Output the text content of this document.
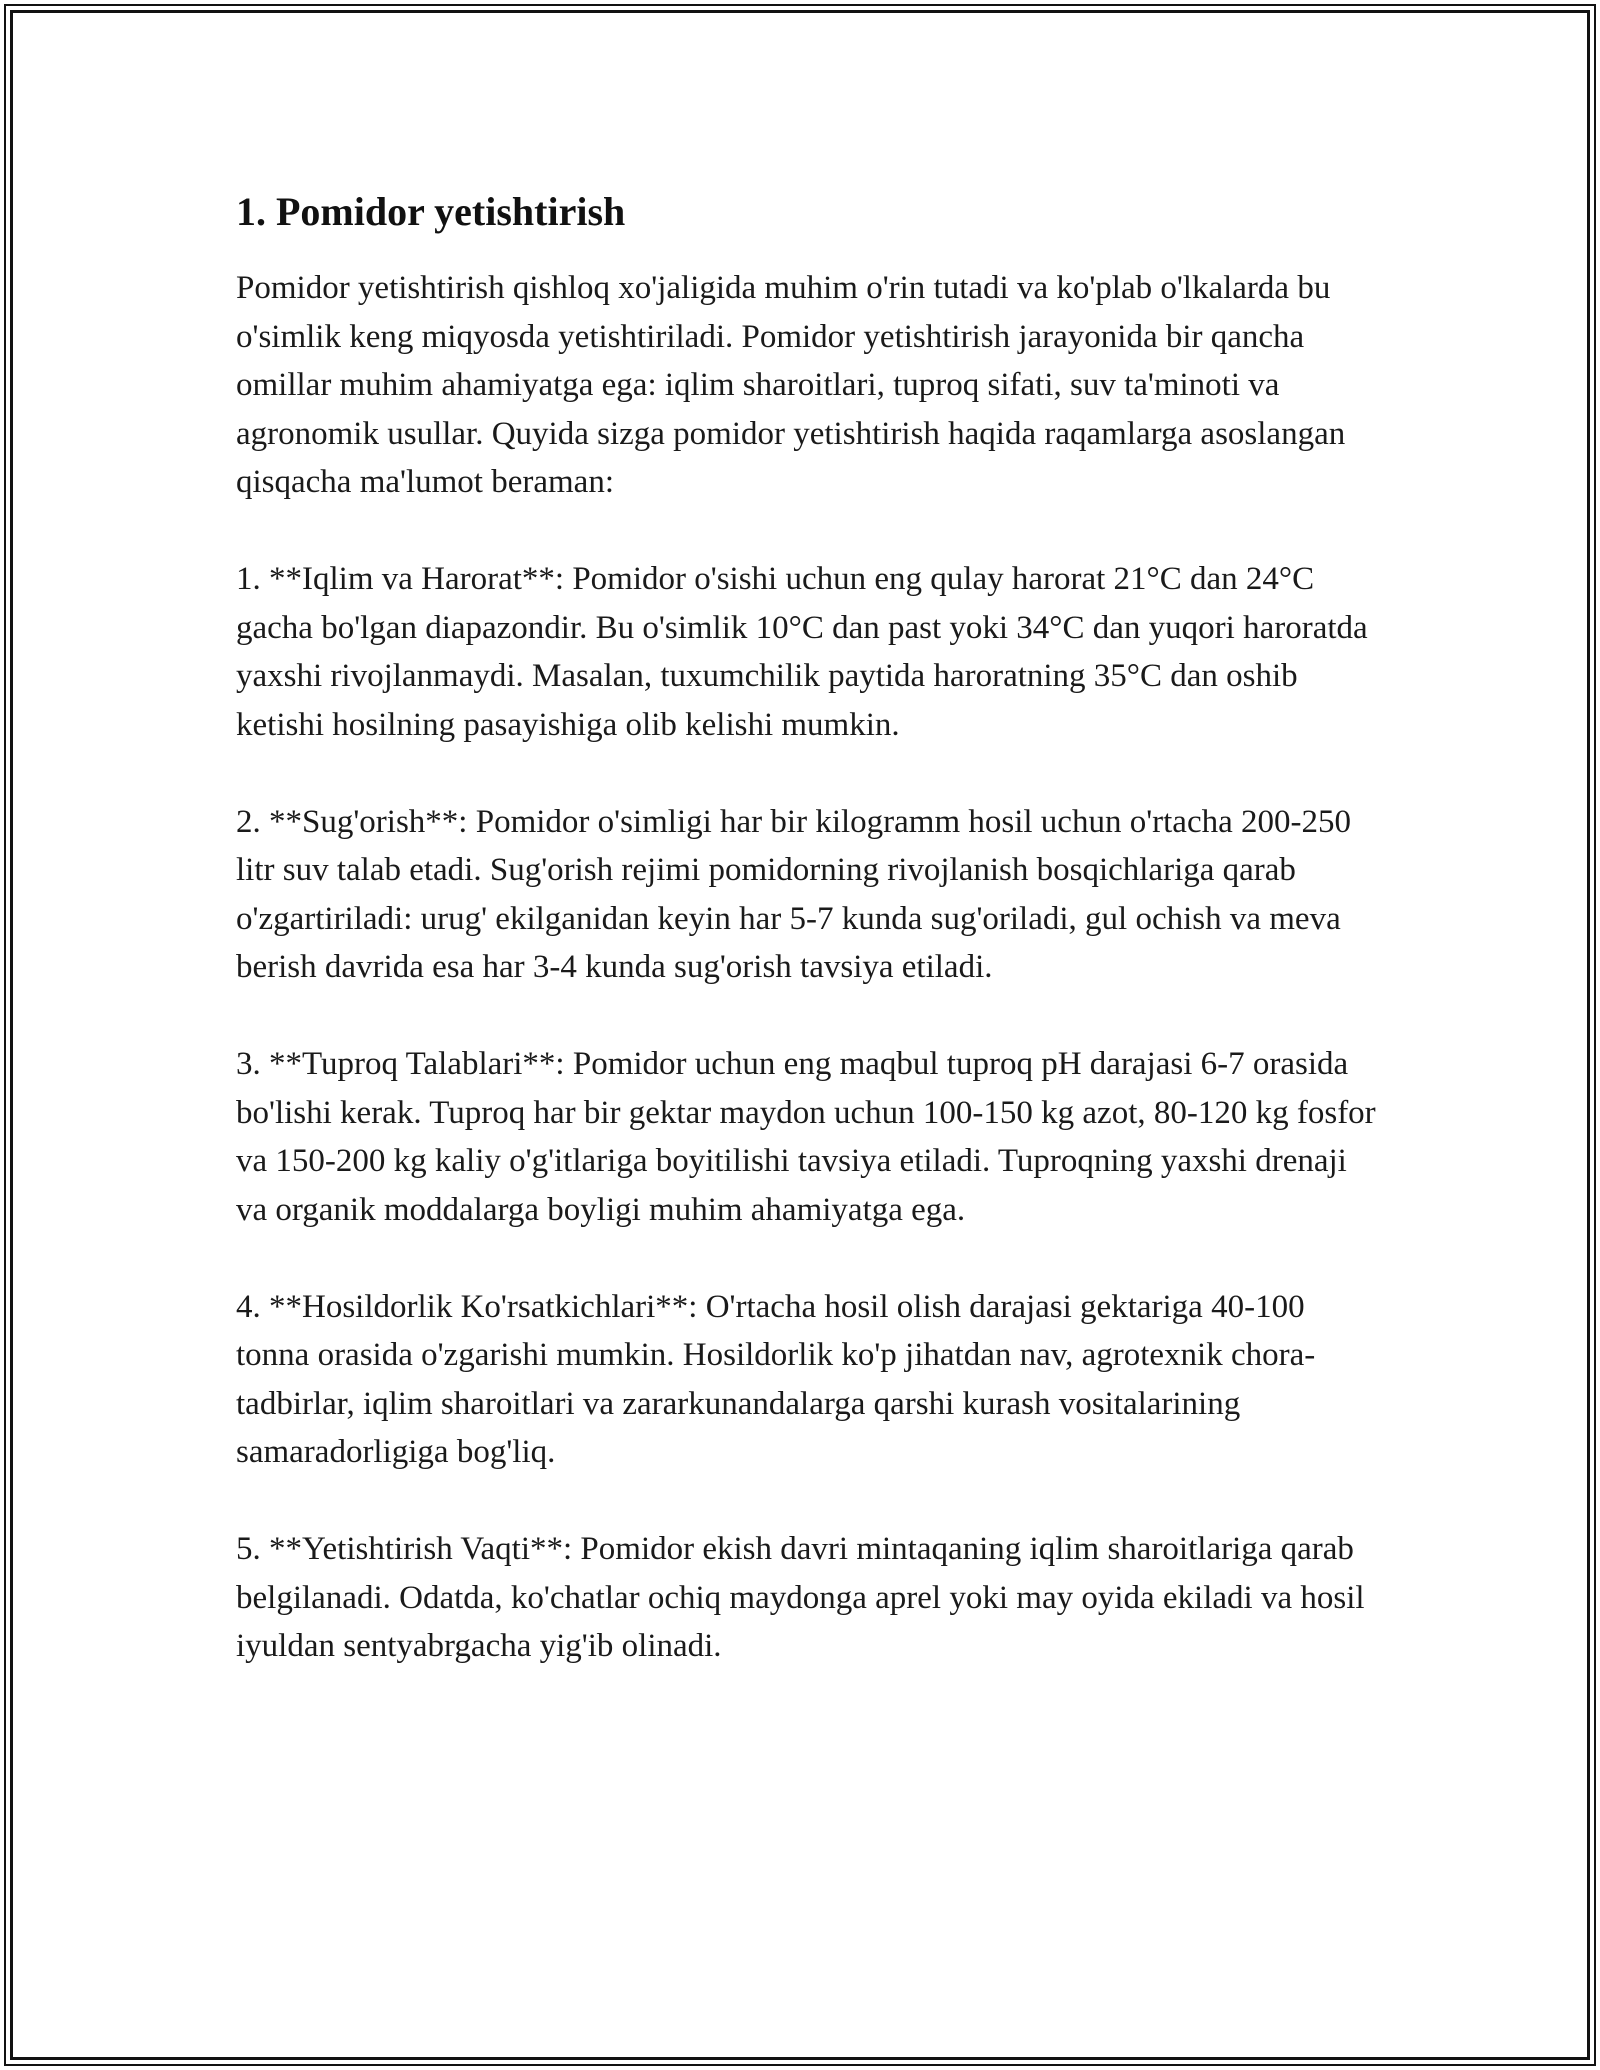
1. Pomidor yetishtirish

Pomidor yetishtirish qishloq xo'jaligida muhim o'rin tutadi va ko'plab o'lkalarda bu o'simlik keng miqyosda yetishtiriladi. Pomidor yetishtirish jarayonida bir qancha omillar muhim ahamiyatga ega: iqlim sharoitlari, tuproq sifati, suv ta'minoti va agronomik usullar. Quyida sizga pomidor yetishtirish haqida raqamlarga asoslangan qisqacha ma'lumot beraman:

1. **Iqlim va Harorat**: Pomidor o'sishi uchun eng qulay harorat 21°C dan 24°C gacha bo'lgan diapazondir. Bu o'simlik 10°C dan past yoki 34°C dan yuqori haroratda yaxshi rivojlanmaydi. Masalan, tuxumchilik paytida haroratning 35°C dan oshib ketishi hosilning pasayishiga olib kelishi mumkin.

2. **Sug'orish**: Pomidor o'simligi har bir kilogramm hosil uchun o'rtacha 200-250 litr suv talab etadi. Sug'orish rejimi pomidorning rivojlanish bosqichlariga qarab o'zgartiriladi: urug' ekilganidan keyin har 5-7 kunda sug'oriladi, gul ochish va meva berish davrida esa har 3-4 kunda sug'orish tavsiya etiladi.

3. **Tuproq Talablari**: Pomidor uchun eng maqbul tuproq pH darajasi 6-7 orasida bo'lishi kerak. Tuproq har bir gektar maydon uchun 100-150 kg azot, 80-120 kg fosfor va 150-200 kg kaliy o'g'itlariga boyitilishi tavsiya etiladi. Tuproqning yaxshi drenaji va organik moddalarga boyligi muhim ahamiyatga ega.

4. **Hosildorlik Ko'rsatkichlari**: O'rtacha hosil olish darajasi gektariga 40-100 tonna orasida o'zgarishi mumkin. Hosildorlik ko'p jihatdan nav, agrotexnik chora-tadbirlar, iqlim sharoitlari va zararkunandalarga qarshi kurash vositalarining samaradorligiga bog'liq.

5. **Yetishtirish Vaqti**: Pomidor ekish davri mintaqaning iqlim sharoitlariga qarab belgilanadi. Odatda, ko'chatlar ochiq maydonga aprel yoki may oyida ekiladi va hosil iyuldan sentyabrgacha yig'ib olinadi.
